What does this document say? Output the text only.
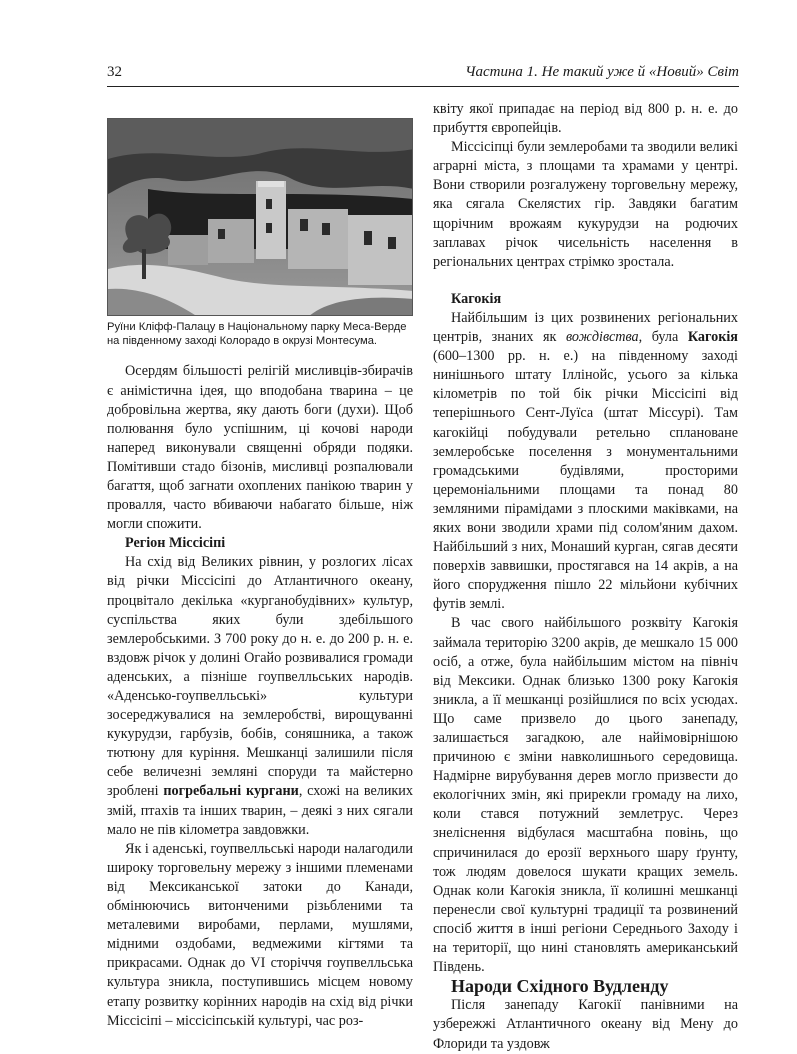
32	Частина 1. Не такий уже й «Новий» Світ
Руїни Кліфф-Палацу в Національному парку Меса-Верде на південному заході Колорадо в окрузі Монтесума.

Осердям більшості релігій мисливців-збирачів є анімістична ідея, що вподобана тварина – це добровільна жертва, яку дають боги (духи). Щоб полювання було успішним, ці кочові народи наперед виконували священні обряди подяки. Помітивши стадо бізонів, мисливці розпалювали багаття, щоб загнати охоплених панікою тварин у провалля, часто вбиваючи набагато більше, ніж могли спожити.

Регіон Міссісіпі

На схід від Великих рівнин, у розлогих лісах від річки Міссісіпі до Атлантичного океану, процвітало декілька «курганобудівних» культур, суспільства яких були здебільшого землеробськими. З 700 року до н. е. до 200 р. н. е. вздовж річок у долині Огайо розвивалися громади аденських, а пізніше гоупвелльських народів. «Аденсько-гоупвелльські» культури зосереджувалися на землеробстві, вирощуванні кукурудзи, гарбузів, бобів, соняшника, а також тютюну для куріння. Мешканці залишили після себе величезні земляні споруди та майстерно зроблені погребальні кургани, схожі на великих змій, птахів та інших тварин, – деякі з них сягали мало не пів кілометра завдовжки.

Як і аденські, гоупвелльські народи налагодили широку торговельну мережу з іншими племенами від Мексиканської затоки до Канади, обмінюючись витонченими різьбленими та металевими виробами, перлами, мушлями, мідними оздобами, ведмежими кігтями та прикрасами. Однак до VI сторіччя гоупвелльська культура зникла, поступившись місцем новому етапу розвитку корінних народів на схід від річки Міссісіпі – міссісіпській культурі, час роз-

квіту якої припадає на період від 800 р. н. е. до прибуття європейців.

Міссісіпці були землеробами та зводили великі аграрні міста, з площами та храмами у центрі. Вони створили розгалужену торговельну мережу, яка сягала Скелястих гір. Завдяки багатим щорічним врожаям кукурудзи на родючих заплавах річок чисельність населення в регіональних центрах стрімко зростала.

Кагокія

Найбільшим із цих розвинених регіональних центрів, знаних як вождівства, була Кагокія (600–1300 рр. н. е.) на південному заході нинішнього штату Іллінойс, усього за кілька кілометрів по той бік річки Міссісіпі від теперішнього Сент-Луїса (штат Міссурі). Там кагокійці побудували ретельно сплановане землеробське поселення з монументальними громадськими будівлями, просторими церемоніальними площами та понад 80 земляними пірамідами з плоскими маківками, на яких вони зводили храми під солом'яним дахом. Найбільший з них, Монаший курган, сягав десяти поверхів заввишки, простягався на 14 акрів, а на його спорудження пішло 22 мільйони кубічних футів землі.

В час свого найбільшого розквіту Кагокія займала територію 3200 акрів, де мешкало 15 000 осіб, а отже, була найбільшим містом на північ від Мексики. Однак близько 1300 року Кагокія зникла, а її мешканці розійшлися по всіх усюдах. Що саме призвело до цього занепаду, залишається загадкою, але найімовірнішою причиною є зміни навколишнього середовища. Надмірне вирубування дерев могло призвести до екологічних змін, які прирекли громаду на лихо, коли стався потужний землетрус. Через знеліснення відбулася масштабна повінь, що спричинилася до ерозії верхнього шару ґрунту, тож людям довелося шукати кращих земель. Однак коли Кагокія зникла, її колишні мешканці перенесли свої культурні традиції та розвинений спосіб життя в інші регіони Середнього Заходу і на території, що нині становлять американський Південь.

Народи Східного Вудленду

Після занепаду Кагокії панівними на узбережжі Атлантичного океану від Мену до Флориди та уздовж
